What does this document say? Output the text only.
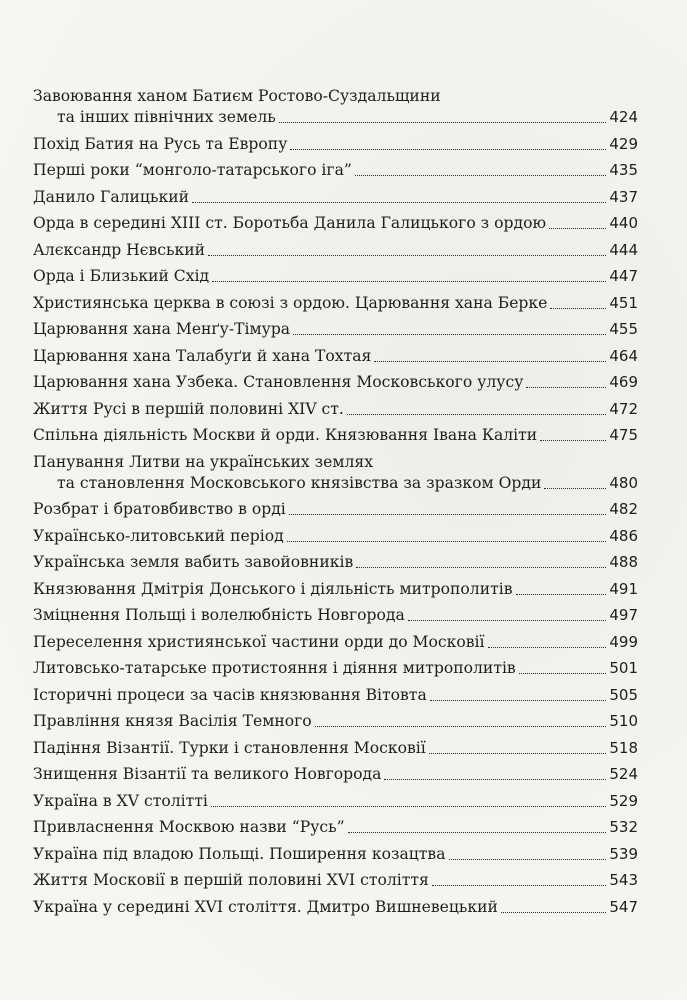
Завоювання ханом Батиєм Ростово-Суздальщини
та інших північних земель	424
Похід Батия на Русь та Европу	429
Перші роки “монголо-татарського іга”	435
Данило Галицький	437
Орда в середині XIII ст. Боротьба Данила Галицького з ордою	440
Алєксандр Нєвський	444
Орда і Близький Схід	447
Християнська церква в союзі з ордою. Царювання хана Берке	451
Царювання хана Менґу-Тімура	455
Царювання хана Талабуґи й хана Тохтая	464
Царювання хана Узбека. Становлення Московського улусу	469
Життя Русі в першій половині XIV ст.	472
Спільна діяльність Москви й орди. Князювання Івана Каліти	475
Панування Литви на українських землях
та становлення Московського князівства за зразком Орди	480
Розбрат і братовбивство в орді	482
Українсько-литовський період	486
Українська земля вабить завойовників	488
Князювання Дмітрія Донського і діяльність митрополитів	491
Зміцнення Польщі і волелюбність Новгорода	497
Переселення християнської частини орди до Московії	499
Литовсько-татарське протистояння і діяння митрополитів	501
Історичні процеси за часів князювання Вітовта	505
Правління князя Васілія Темного	510
Падіння Візантії. Турки і становлення Московії	518
Знищення Візантії та великого Новгорода	524
Україна в XV столітті	529
Привласнення Москвою назви “Русь”	532
Україна під владою Польщі. Поширення козацтва	539
Життя Московії в першій половині XVI століття	543
Україна у середині XVI століття. Дмитро Вишневецький	547
